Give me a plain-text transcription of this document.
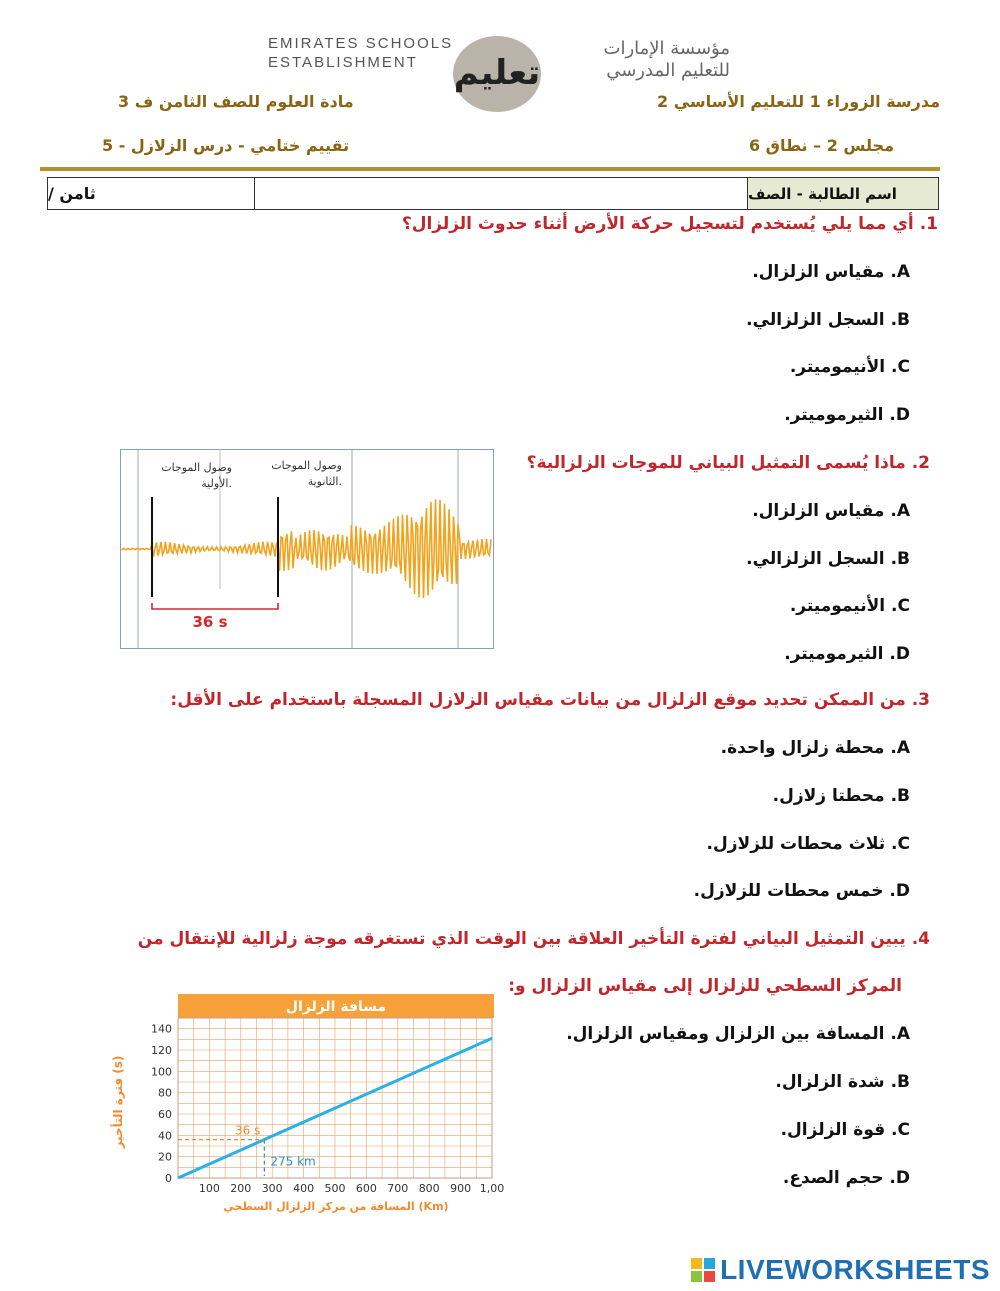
EMIRATES SCHOOLS
ESTABLISHMENT	تعليم
مؤسسة الإمارات
للتعليم المدرسي
مدرسة الزوراء 1 للتعليم الأساسي 2
مادة العلوم للصف الثامن ف 3
مجلس 2 – نطاق 6
تقييم ختامي - درس الزلازل - 5
ثامن /	اسم الطالبة - الصف
1. أي مما يلي يُستخدم لتسجيل حركة الأرض أثناء حدوث الزلزال؟
A. مقياس الزلزال.
B. السجل الزلزالي.
C. الأنيموميتر.
D. الثيرموميتر.
2. ماذا يُسمى التمثيل البياني للموجات الزلزالية؟
A. مقياس الزلزال.
B. السجل الزلزالي.
C. الأنيموميتر.
D. الثيرموميتر.
وصول الموجات
الأولية.
وصول الموجات
الثانوية.
36 s
3. من الممكن تحديد موقع الزلزال من بيانات مقياس الزلازل المسجلة باستخدام على الأقل:
A. محطة زلزال واحدة.
B. محطتا زلازل.
C. ثلاث محطات للزلازل.
D. خمس محطات للزلازل.
4. يبين التمثيل البياني لفترة التأخير العلاقة بين الوقت الذي تستغرقه موجة زلزالية للإنتقال من
المركز السطحي للزلزال إلى مقياس الزلزال و:
A. المسافة بين الزلزال ومقياس الزلزال.
B. شدة الزلزال.
C. قوة الزلزال.
D. حجم الصدع.
مسافة الزلزال
100 200 300 400 500 600 700 800 900 1,00
0
20
40
60
80
100
120
140
36 s
275 km
المسافة من مركز الزلزال السطحي (Km)
فترة التأخير (s)
LIVEWORKSHEETS
